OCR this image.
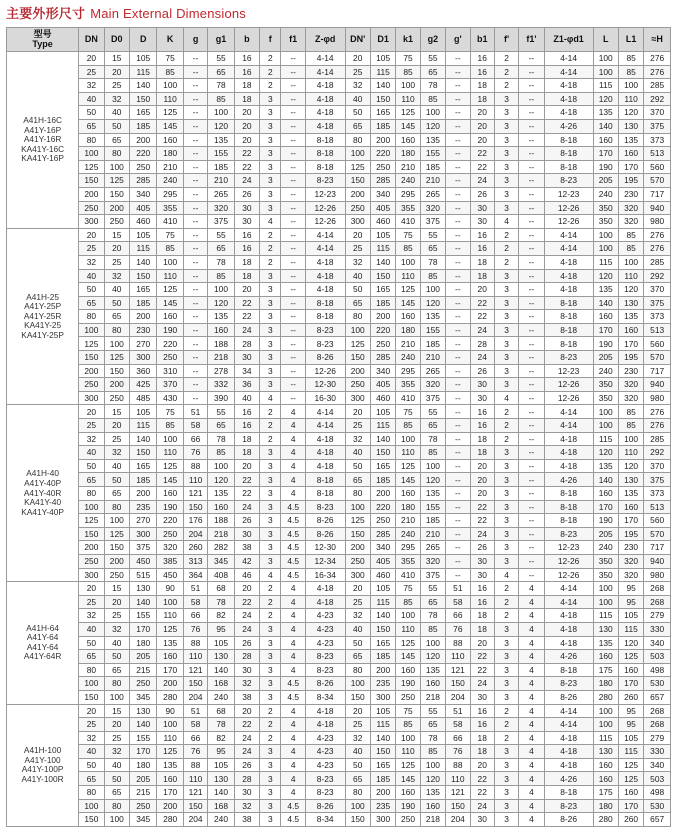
主要外形尺寸 Main External Dimensions
型号
Type	DN	D0	D	K	g	g1	b	f	f1	Z-φd	DN'	D1	k1	g2	g'	b1	f'	f1'	Z1-φd1	L	L1	≈H
A41H-16C
A41Y-16P
A41Y-16R
KA41Y-16C
KA41Y-16P	20	15	105	75	--	55	16	2	--	4-14	20	105	75	55	--	16	2	--	4-14	100	85	276
	25	20	115	85	--	65	16	2	--	4-14	25	115	85	65	--	16	2	--	4-14	100	85	276
	32	25	140	100	--	78	18	2	--	4-18	32	140	100	78	--	18	2	--	4-18	115	100	285
	40	32	150	110	--	85	18	3	--	4-18	40	150	110	85	--	18	3	--	4-18	120	110	292
	50	40	165	125	--	100	20	3	--	4-18	50	165	125	100	--	20	3	--	4-18	135	120	370
	65	50	185	145	--	120	20	3	--	4-18	65	185	145	120	--	20	3	--	4-26	140	130	375
	80	65	200	160	--	135	20	3	--	8-18	80	200	160	135	--	20	3	--	8-18	160	135	373
	100	80	220	180	--	155	22	3	--	8-18	100	220	180	155	--	22	3	--	8-18	170	160	513
	125	100	250	210	--	185	22	3	--	8-18	125	250	210	185	--	22	3	--	8-18	190	170	560
	150	125	285	240	--	210	24	3	--	8-23	150	285	240	210	--	24	3	--	8-23	205	195	570
	200	150	340	295	--	265	26	3	--	12-23	200	340	295	265	--	26	3	--	12-23	240	230	717
	250	200	405	355	--	320	30	3	--	12-26	250	405	355	320	--	30	3	--	12-26	350	320	940
	300	250	460	410	--	375	30	4	--	12-26	300	460	410	375	--	30	4	--	12-26	350	320	980
A41H-25
A41Y-25P
A41Y-25R
KA41Y-25
KA41Y-25P	20	15	105	75	--	55	16	2	--	4-14	20	105	75	55	--	16	2	--	4-14	100	85	276
	25	20	115	85	--	65	16	2	--	4-14	25	115	85	65	--	16	2	--	4-14	100	85	276
	32	25	140	100	--	78	18	2	--	4-18	32	140	100	78	--	18	2	--	4-18	115	100	285
	40	32	150	110	--	85	18	3	--	4-18	40	150	110	85	--	18	3	--	4-18	120	110	292
	50	40	165	125	--	100	20	3	--	4-18	50	165	125	100	--	20	3	--	4-18	135	120	370
	65	50	185	145	--	120	22	3	--	8-18	65	185	145	120	--	22	3	--	8-18	140	130	375
	80	65	200	160	--	135	22	3	--	8-18	80	200	160	135	--	22	3	--	8-18	160	135	373
	100	80	230	190	--	160	24	3	--	8-23	100	220	180	155	--	24	3	--	8-18	170	160	513
	125	100	270	220	--	188	28	3	--	8-23	125	250	210	185	--	28	3	--	8-18	190	170	560
	150	125	300	250	--	218	30	3	--	8-26	150	285	240	210	--	24	3	--	8-23	205	195	570
	200	150	360	310	--	278	34	3	--	12-26	200	340	295	265	--	26	3	--	12-23	240	230	717
	250	200	425	370	--	332	36	3	--	12-30	250	405	355	320	--	30	3	--	12-26	350	320	940
	300	250	485	430	--	390	40	4	--	16-30	300	460	410	375	--	30	4	--	12-26	350	320	980
A41H-40
A41Y-40P
A41Y-40R
KA41Y-40
KA41Y-40P	20	15	105	75	51	55	16	2	4	4-14	20	105	75	55	--	16	2	--	4-14	100	85	276
	25	20	115	85	58	65	16	2	4	4-14	25	115	85	65	--	16	2	--	4-14	100	85	276
	32	25	140	100	66	78	18	2	4	4-18	32	140	100	78	--	18	2	--	4-18	115	100	285
	40	32	150	110	76	85	18	3	4	4-18	40	150	110	85	--	18	3	--	4-18	120	110	292
	50	40	165	125	88	100	20	3	4	4-18	50	165	125	100	--	20	3	--	4-18	135	120	370
	65	50	185	145	110	120	22	3	4	8-18	65	185	145	120	--	20	3	--	4-26	140	130	375
	80	65	200	160	121	135	22	3	4	8-18	80	200	160	135	--	20	3	--	8-18	160	135	373
	100	80	235	190	150	160	24	3	4.5	8-23	100	220	180	155	--	22	3	--	8-18	170	160	513
	125	100	270	220	176	188	26	3	4.5	8-26	125	250	210	185	--	22	3	--	8-18	190	170	560
	150	125	300	250	204	218	30	3	4.5	8-26	150	285	240	210	--	24	3	--	8-23	205	195	570
	200	150	375	320	260	282	38	3	4.5	12-30	200	340	295	265	--	26	3	--	12-23	240	230	717
	250	200	450	385	313	345	42	3	4.5	12-34	250	405	355	320	--	30	3	--	12-26	350	320	940
	300	250	515	450	364	408	46	4	4.5	16-34	300	460	410	375	--	30	4	--	12-26	350	320	980
A41H-64
A41Y-64
A41Y-64
A41Y-64R	20	15	130	90	51	68	20	2	4	4-18	20	105	75	55	51	16	2	4	4-14	100	95	268
	25	20	140	100	58	78	22	2	4	4-18	25	115	85	65	58	16	2	4	4-14	100	95	268
	32	25	155	110	66	82	24	2	4	4-23	32	140	100	78	66	18	2	4	4-18	115	105	279
	40	32	170	125	76	95	24	3	4	4-23	40	150	110	85	76	18	3	4	4-18	130	115	330
	50	40	180	135	88	105	26	3	4	4-23	50	165	125	100	88	20	3	4	4-18	135	120	340
	65	50	205	160	110	130	28	3	4	8-23	65	185	145	120	110	22	3	4	4-26	160	125	503
	80	65	215	170	121	140	30	3	4	8-23	80	200	160	135	121	22	3	4	8-18	175	160	498
	100	80	250	200	150	168	32	3	4.5	8-26	100	235	190	160	150	24	3	4	8-23	180	170	530
	150	100	345	280	204	240	38	3	4.5	8-34	150	300	250	218	204	30	3	4	8-26	280	260	657
A41H-100
A41Y-100
A41Y-100P
A41Y-100R	20	15	130	90	51	68	20	2	4	4-18	20	105	75	55	51	16	2	4	4-14	100	95	268
	25	20	140	100	58	78	22	2	4	4-18	25	115	85	65	58	16	2	4	4-14	100	95	268
	32	25	155	110	66	82	24	2	4	4-23	32	140	100	78	66	18	2	4	4-18	115	105	279
	40	32	170	125	76	95	24	3	4	4-23	40	150	110	85	76	18	3	4	4-18	130	115	330
	50	40	180	135	88	105	26	3	4	4-23	50	165	125	100	88	20	3	4	4-18	160	125	340
	65	50	205	160	110	130	28	3	4	8-23	65	185	145	120	110	22	3	4	4-26	160	125	503
	80	65	215	170	121	140	30	3	4	8-23	80	200	160	135	121	22	3	4	8-18	175	160	498
	100	80	250	200	150	168	32	3	4.5	8-26	100	235	190	160	150	24	3	4	8-23	180	170	530
	150	100	345	280	204	240	38	3	4.5	8-34	150	300	250	218	204	30	3	4	8-26	280	260	657
